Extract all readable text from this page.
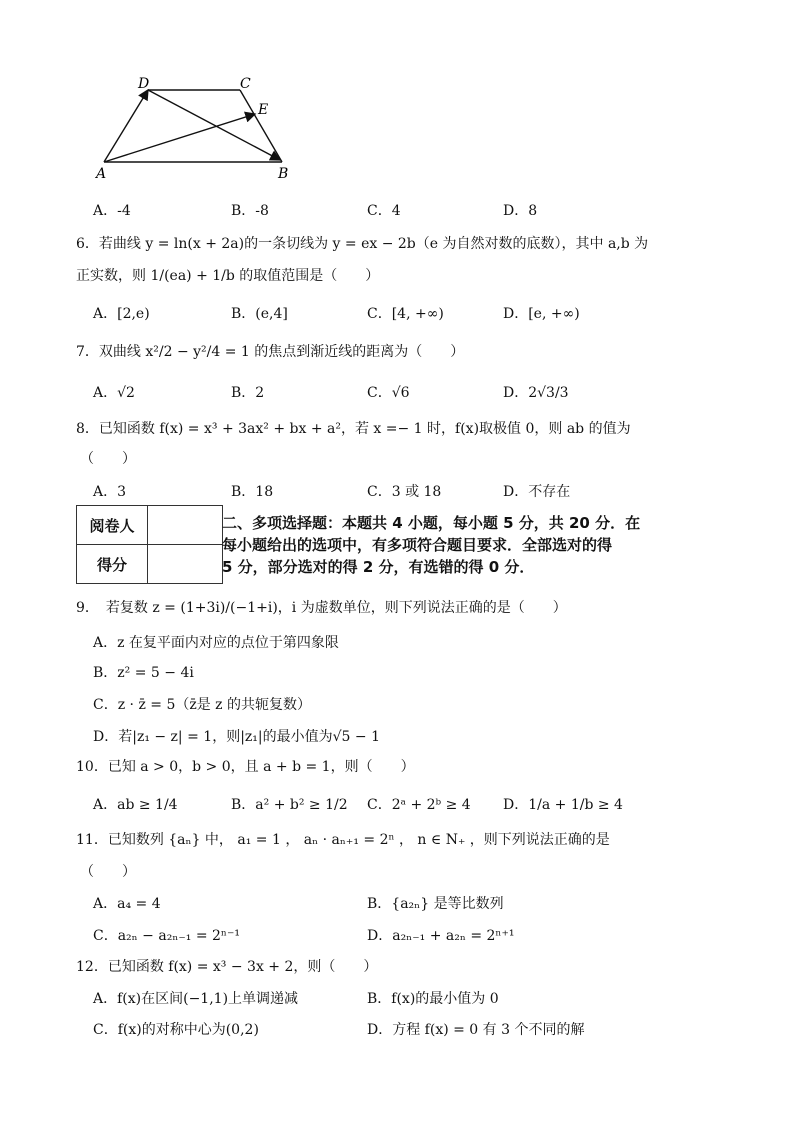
D	C
E
A	B
A．-4	B．-8	C．4	D．8
6．若曲线 y = ln(x + 2a)的一条切线为 y = ex − 2b（e 为自然对数的底数），其中 a,b 为
正实数，则 1/(ea) + 1/b 的取值范围是（　　）
A．[2,e)	B．(e,4]	C．[4, +∞)	D．[e, +∞)
7．双曲线 x²/2 − y²/4 = 1 的焦点到渐近线的距离为（　　）
A．√2	B．2	C．√6	D．2√3/3
8．已知函数 f(x) = x³ + 3ax² + bx + a²，若 x =− 1 时，f(x)取极值 0，则 ab 的值为
（　　）
A．3	B．18	C．3 或 18	D．不存在
阅卷人	
得分	
二、多项选择题：本题共 4 小题，每小题 5 分，共 20 分．在
每小题给出的选项中，有多项符合题目要求．全部选对的得
5 分，部分选对的得 2 分，有选错的得 0 分．
9．　若复数 z = (1+3i)/(−1+i)，i 为虚数单位，则下列说法正确的是（　　）
A．z 在复平面内对应的点位于第四象限
B．z² = 5 − 4i
C．z · z̄ = 5（z̄是 z 的共轭复数）
D．若|z₁ − z| = 1，则|z₁|的最小值为√5 − 1
10．已知 a > 0，b > 0，且 a + b = 1，则（　　）
A．ab ≥ 1/4	B．a² + b² ≥ 1/2 C．2ᵃ + 2ᵇ ≥ 4 D．1/a + 1/b ≥ 4
11．已知数列 {aₙ} 中， a₁ = 1 ， aₙ · aₙ₊₁ = 2ⁿ ， n ∈ N₊ ，则下列说法正确的是
（　　）
A．a₄ = 4	B．{a₂ₙ} 是等比数列
C．a₂ₙ − a₂ₙ₋₁ = 2ⁿ⁻¹	D．a₂ₙ₋₁ + a₂ₙ = 2ⁿ⁺¹
12．已知函数 f(x) = x³ − 3x + 2，则（　　）
A．f(x)在区间(−1,1)上单调递减	B．f(x)的最小值为 0
C．f(x)的对称中心为(0,2)	D．方程 f(x) = 0 有 3 个不同的解
